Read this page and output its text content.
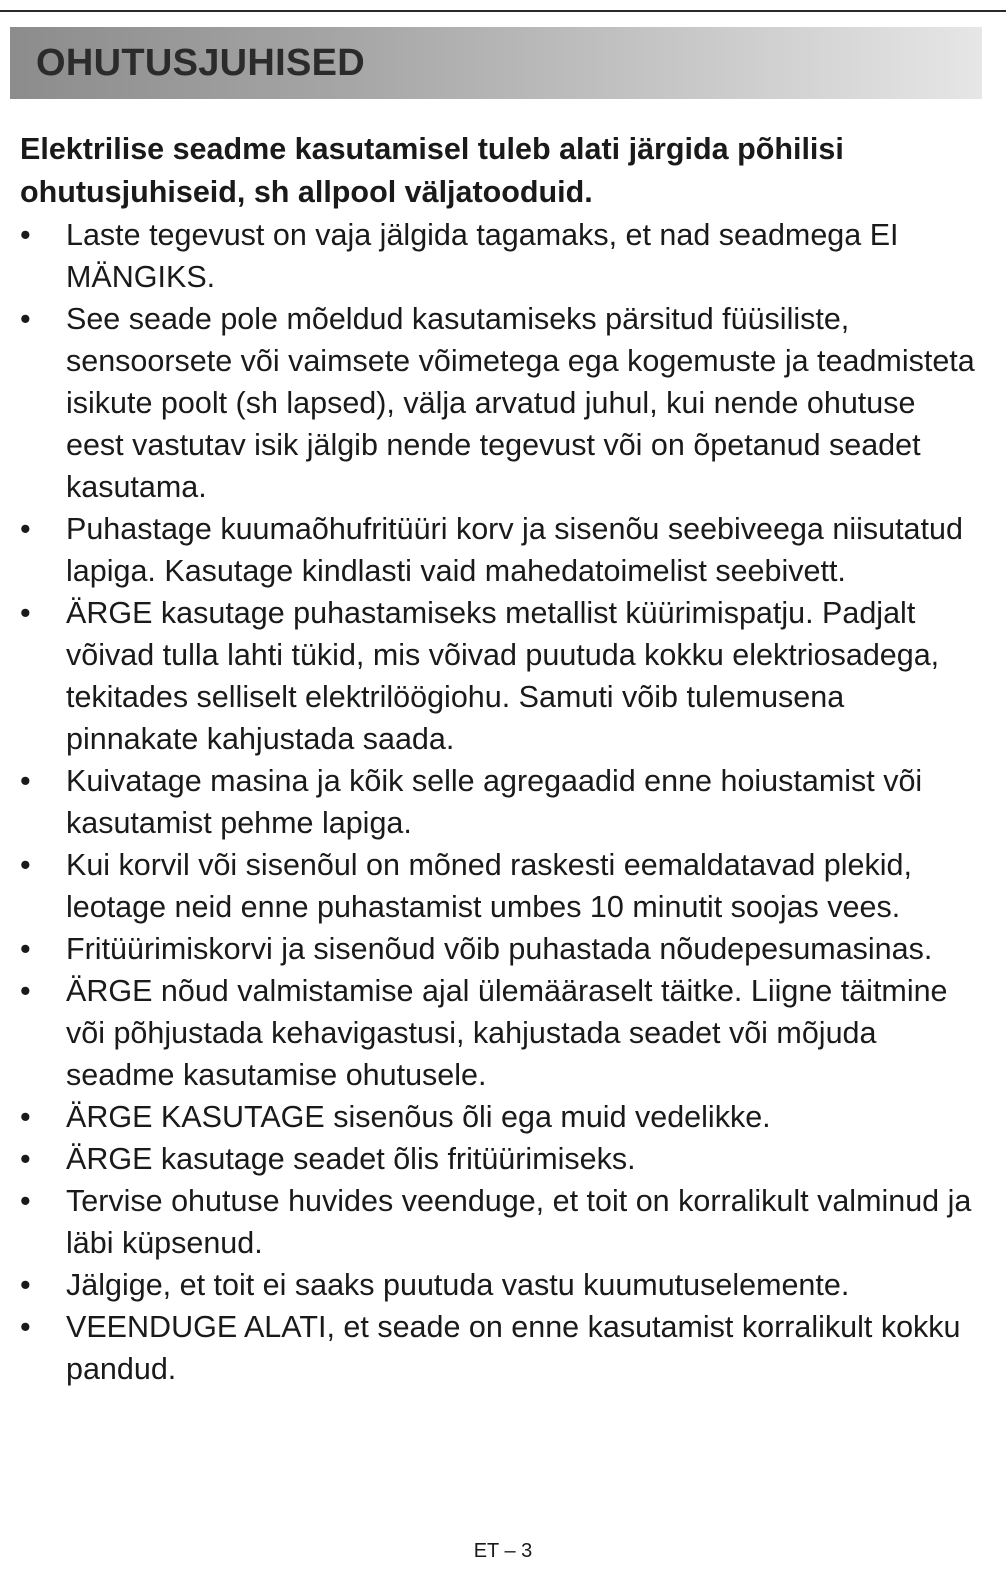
OHUTUSJUHISED

Elektrilise seadme kasutamisel tuleb alati järgida põhilisi ohutusjuhiseid, sh allpool väljatooduid.

•	Laste tegevust on vaja jälgida tagamaks, et nad seadmega EI MÄNGIKS.
•	See seade pole mõeldud kasutamiseks pärsitud füüsiliste, sensoorsete või vaimsete võimetega ega kogemuste ja teadmisteta isikute poolt (sh lapsed), välja arvatud juhul, kui nende ohutuse eest vastutav isik jälgib nende tegevust või on õpetanud seadet kasutama.
•	Puhastage kuumaõhufritüüri korv ja sisenõu seebiveega niisutatud lapiga. Kasutage kindlasti vaid mahedatoimelist seebivett.
•	ÄRGE kasutage puhastamiseks metallist küürimispatju. Padjalt võivad tulla lahti tükid, mis võivad puutuda kokku elektriosadega, tekitades selliselt elektrilöögiohu. Samuti võib tulemusena pinnakate kahjustada saada.
•	Kuivatage masina ja kõik selle agregaadid enne hoiustamist või kasutamist pehme lapiga.
•	Kui korvil või sisenõul on mõned raskesti eemaldatavad plekid, leotage neid enne puhastamist umbes 10 minutit soojas vees.
•	Fritüürimiskorvi ja sisenõud võib puhastada nõudepesumasinas.
•	ÄRGE nõud valmistamise ajal ülemääraselt täitke. Liigne täitmine või põhjustada kehavigastusi, kahjustada seadet või mõjuda seadme kasutamise ohutusele.
•	ÄRGE KASUTAGE sisenõus õli ega muid vedelikke.
•	ÄRGE kasutage seadet õlis fritüürimiseks.
•	Tervise ohutuse huvides veenduge, et toit on korralikult valminud ja läbi küpsenud.
•	Jälgige, et toit ei saaks puutuda vastu kuumutuselemente.
•	VEENDUGE ALATI, et seade on enne kasutamist korralikult kokku pandud.
ET – 3
